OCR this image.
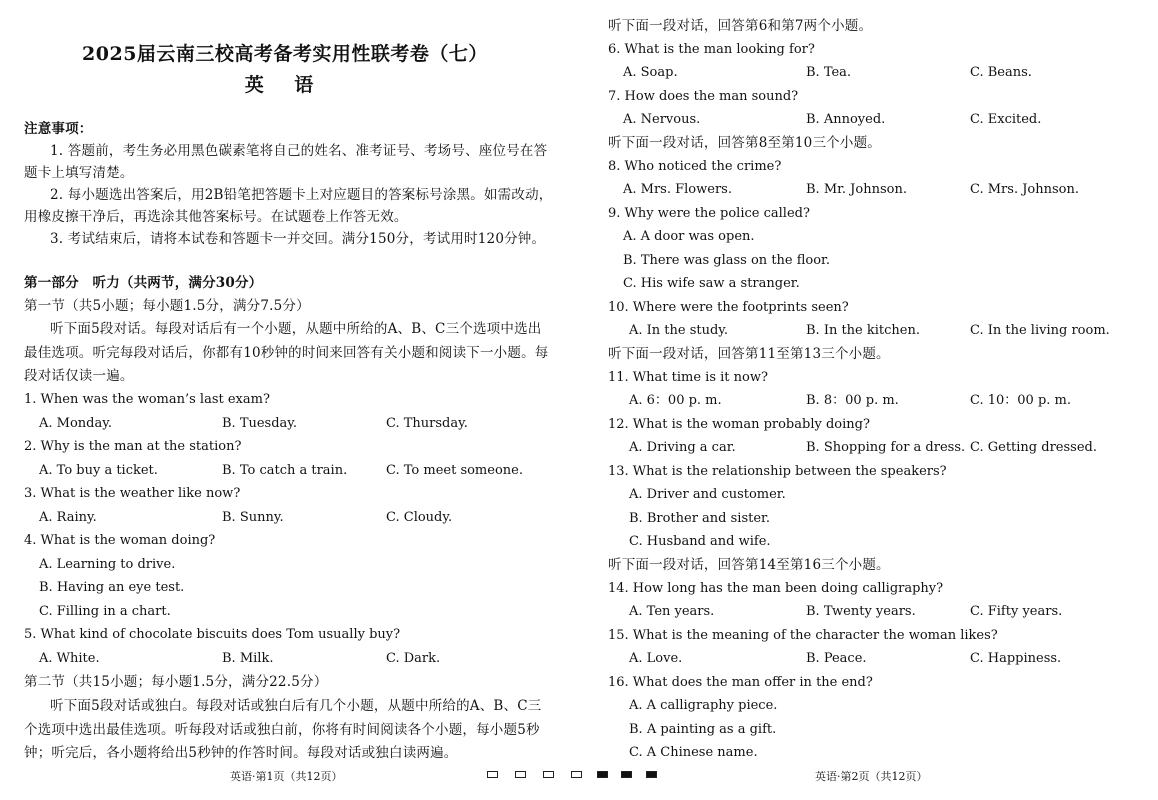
2025届云南三校高考备考实用性联考卷（七）
英 语
注意事项：
1. 答题前，考生务必用黑色碳素笔将自己的姓名、准考证号、考场号、座位号在答
题卡上填写清楚。
2. 每小题选出答案后，用2B铅笔把答题卡上对应题目的答案标号涂黑。如需改动，
用橡皮擦干净后，再选涂其他答案标号。在试题卷上作答无效。
3. 考试结束后，请将本试卷和答题卡一并交回。满分150分，考试用时120分钟。
第一部分　听力（共两节，满分30分）
第一节（共5小题；每小题1.5分，满分7.5分）
听下面5段对话。每段对话后有一个小题，从题中所给的A、B、C三个选项中选出
最佳选项。听完每段对话后，你都有10秒钟的时间来回答有关小题和阅读下一小题。每
段对话仅读一遍。
1. When was the woman’s last exam?
A. Monday.	B. Tuesday.	C. Thursday.
2. Why is the man at the station?
A. To buy a ticket.	B. To catch a train.	C. To meet someone.
3. What is the weather like now?
A. Rainy.	B. Sunny.	C. Cloudy.
4. What is the woman doing?
A. Learning to drive.
B. Having an eye test.
C. Filling in a chart.
5. What kind of chocolate biscuits does Tom usually buy?
A. White.	B. Milk.	C. Dark.
第二节（共15小题；每小题1.5分，满分22.5分）
听下面5段对话或独白。每段对话或独白后有几个小题，从题中所给的A、B、C三
个选项中选出最佳选项。听每段对话或独白前，你将有时间阅读各个小题，每小题5秒
钟；听完后，各小题将给出5秒钟的作答时间。每段对话或独白读两遍。
听下面一段对话，回答第6和第7两个小题。
6. What is the man looking for?
A. Soap.	B. Tea.	C. Beans.
7. How does the man sound?
A. Nervous.	B. Annoyed.	C. Excited.
听下面一段对话，回答第8至第10三个小题。
8. Who noticed the crime?
A. Mrs. Flowers.	B. Mr. Johnson.	C. Mrs. Johnson.
9. Why were the police called?
A. A door was open.
B. There was glass on the floor.
C. His wife saw a stranger.
10. Where were the footprints seen?
A. In the study.	B. In the kitchen.	C. In the living room.
听下面一段对话，回答第11至第13三个小题。
11. What time is it now?
A. 6：00 p. m.	B. 8：00 p. m.	C. 10：00 p. m.
12. What is the woman probably doing?
A. Driving a car.	B. Shopping for a dress. C. Getting dressed.
13. What is the relationship between the speakers?
A. Driver and customer.
B. Brother and sister.
C. Husband and wife.
听下面一段对话，回答第14至第16三个小题。
14. How long has the man been doing calligraphy?
A. Ten years.	B. Twenty years.	C. Fifty years.
15. What is the meaning of the character the woman likes?
A. Love.	B. Peace.	C. Happiness.
16. What does the man offer in the end?
A. A calligraphy piece.
B. A painting as a gift.
C. A Chinese name.
英语·第1页（共12页）	英语·第2页（共12页）
